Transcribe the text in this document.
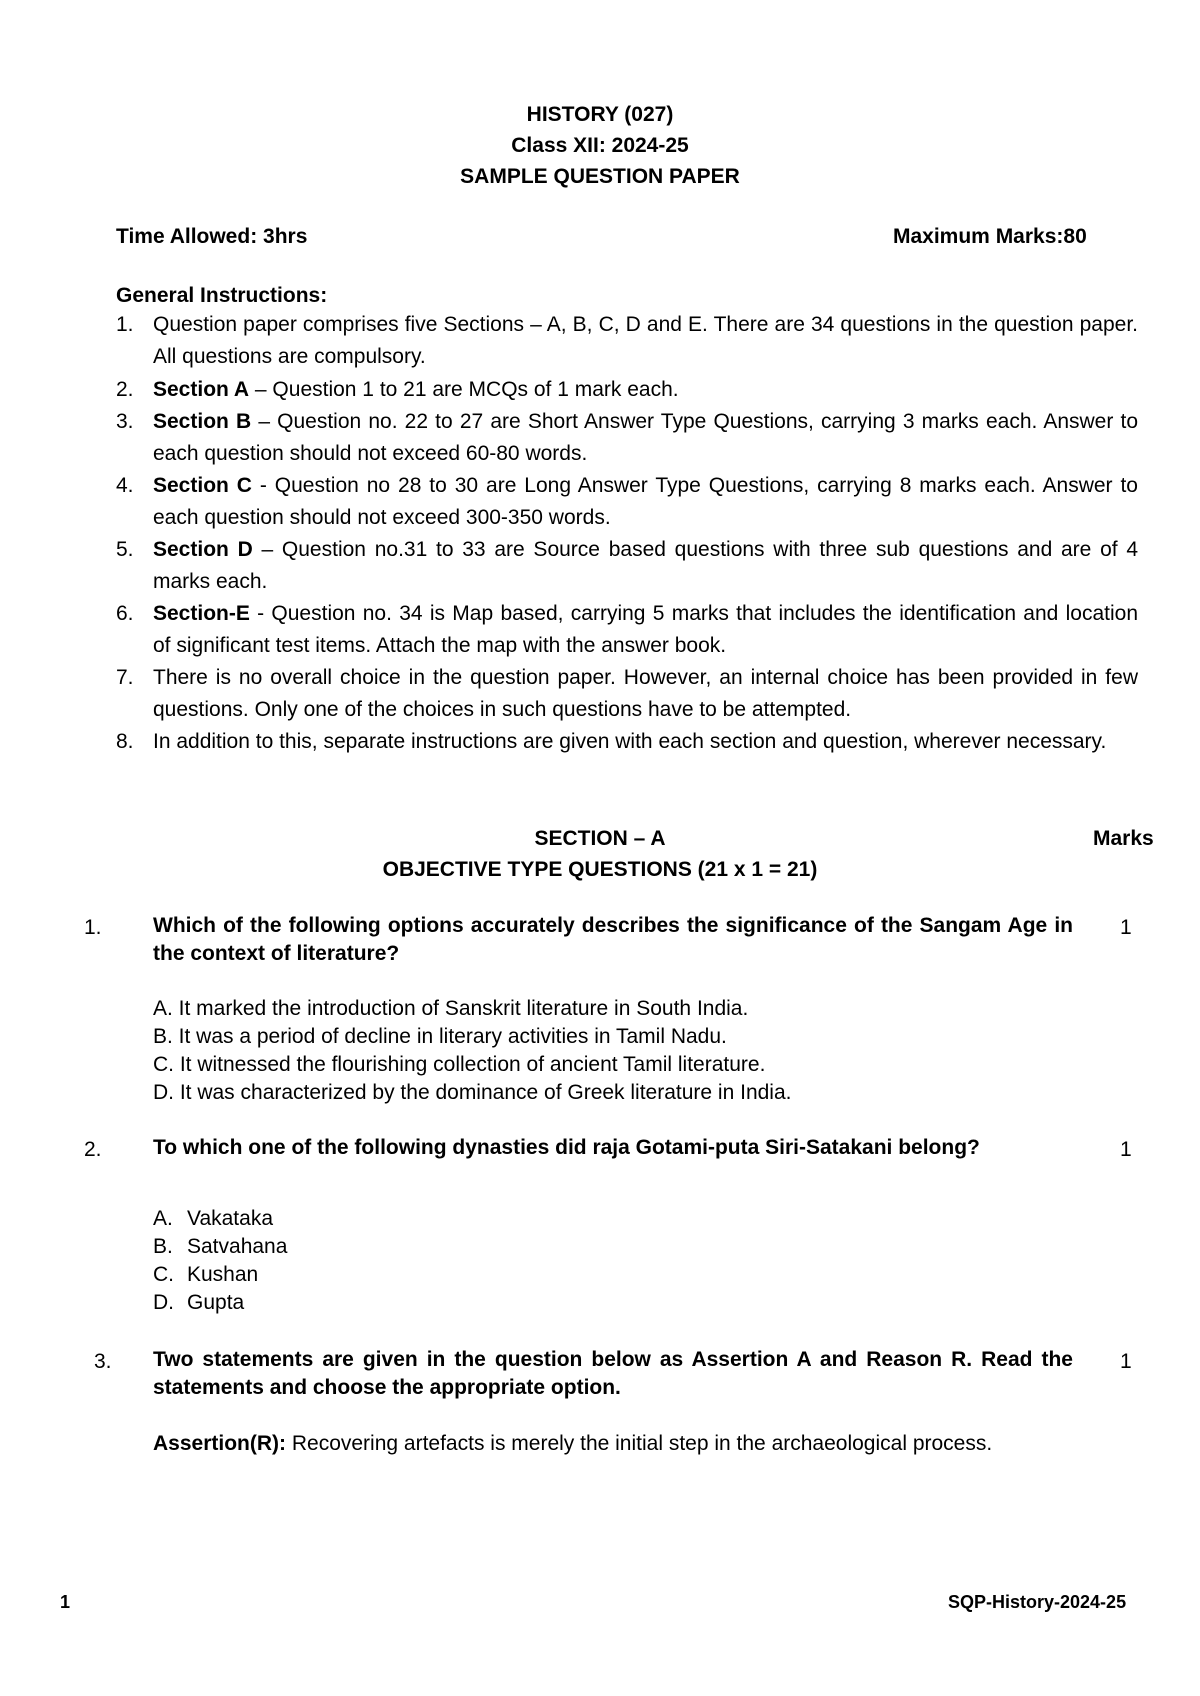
HISTORY (027)
Class XII: 2024-25
SAMPLE QUESTION PAPER
Time Allowed: 3hrs	Maximum Marks:80
General Instructions:
1. Question paper comprises five Sections – A, B, C, D and E. There are 34 questions in the question paper. All questions are compulsory.
2. Section A – Question 1 to 21 are MCQs of 1 mark each.
3. Section B – Question no. 22 to 27 are Short Answer Type Questions, carrying 3 marks each. Answer to each question should not exceed 60-80 words.
4. Section C - Question no 28 to 30 are Long Answer Type Questions, carrying 8 marks each. Answer to each question should not exceed 300-350 words.
5. Section D – Question no.31 to 33 are Source based questions with three sub questions and are of 4 marks each.
6. Section-E - Question no. 34 is Map based, carrying 5 marks that includes the identification and location of significant test items. Attach the map with the answer book.
7. There is no overall choice in the question paper. However, an internal choice has been provided in few questions. Only one of the choices in such questions have to be attempted.
8. In addition to this, separate instructions are given with each section and question, wherever necessary.
SECTION – A	Marks
OBJECTIVE TYPE QUESTIONS (21 x 1 = 21)
1. Which of the following options accurately describes the significance of the Sangam Age in the context of literature?
1
A. It marked the introduction of Sanskrit literature in South India.
B. It was a period of decline in literary activities in Tamil Nadu.
C. It witnessed the flourishing collection of ancient Tamil literature.
D. It was characterized by the dominance of Greek literature in India.
2. To which one of the following dynasties did raja Gotami-puta Siri-Satakani belong?	1
A. Vakataka
B. Satvahana
C. Kushan
D. Gupta
3. Two statements are given in the question below as Assertion A and Reason R. Read the statements and choose the appropriate option.
1
Assertion(R): Recovering artefacts is merely the initial step in the archaeological process.
1	SQP-History-2024-25
